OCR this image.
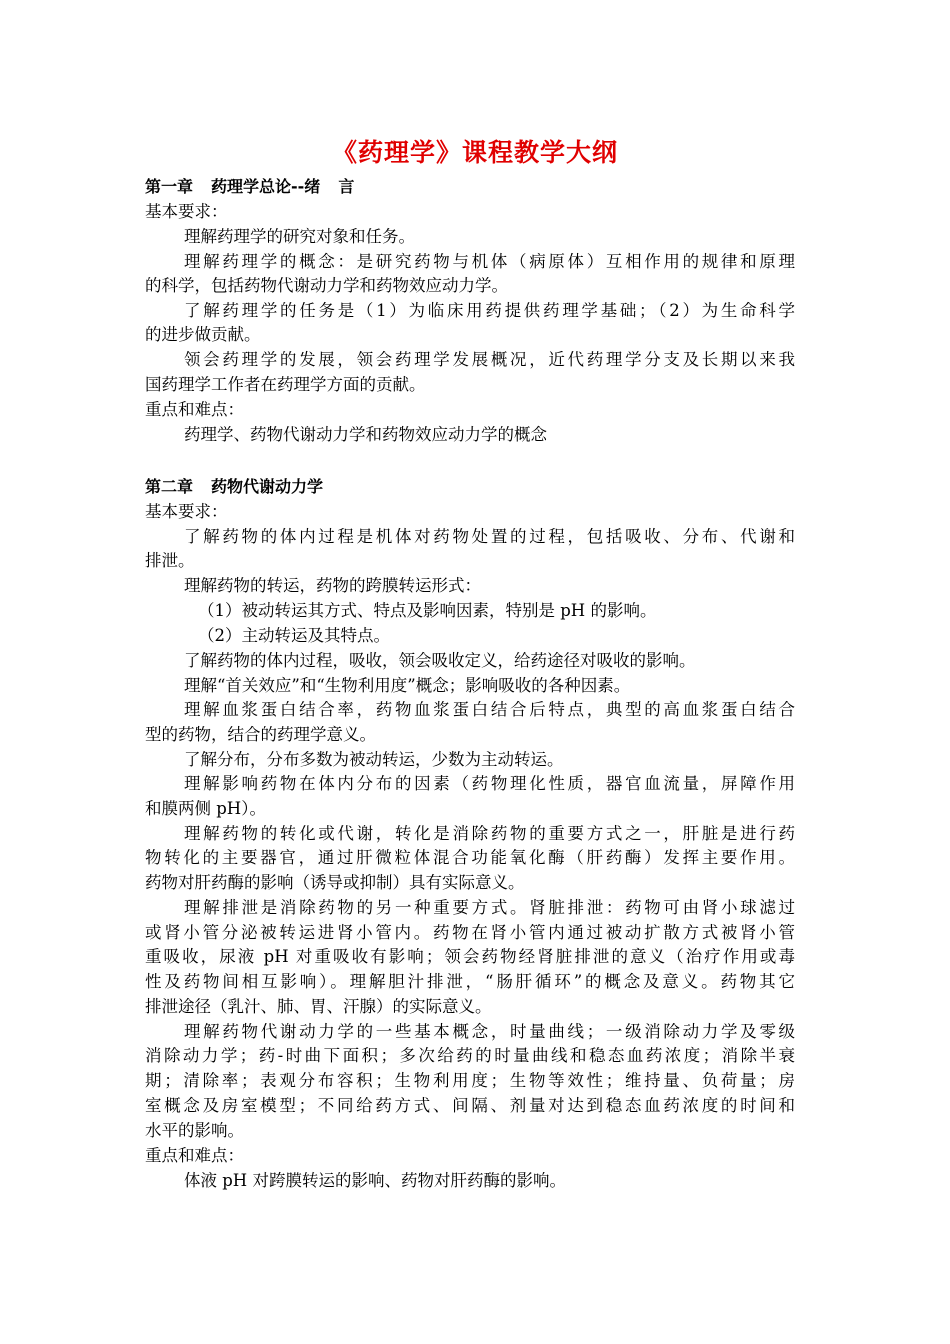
《药理学》课程教学大纲
第一章 药理学总论--绪 言
基本要求：
理解药理学的研究对象和任务。
理解药理学的概念：是研究药物与机体（病原体）互相作用的规律和原理
的科学，包括药物代谢动力学和药物效应动力学。
了解药理学的任务是（1）为临床用药提供药理学基础；（2）为生命科学
的进步做贡献。
领会药理学的发展，领会药理学发展概况，近代药理学分支及长期以来我
国药理学工作者在药理学方面的贡献。
重点和难点：
药理学、药物代谢动力学和药物效应动力学的概念
第二章 药物代谢动力学
基本要求：
了解药物的体内过程是机体对药物处置的过程，包括吸收、分布、代谢和
排泄。
理解药物的转运，药物的跨膜转运形式：
（1）被动转运其方式、特点及影响因素，特别是 pH 的影响。
（2）主动转运及其特点。
了解药物的体内过程，吸收，领会吸收定义，给药途径对吸收的影响。
理解“首关效应”和“生物利用度”概念；影响吸收的各种因素。
理解血浆蛋白结合率，药物血浆蛋白结合后特点，典型的高血浆蛋白结合
型的药物，结合的药理学意义。
了解分布，分布多数为被动转运，少数为主动转运。
理解影响药物在体内分布的因素（药物理化性质，器官血流量，屏障作用
和膜两侧 pH）。
理解药物的转化或代谢，转化是消除药物的重要方式之一，肝脏是进行药
物转化的主要器官，通过肝微粒体混合功能氧化酶（肝药酶）发挥主要作用。
药物对肝药酶的影响（诱导或抑制）具有实际意义。
理解排泄是消除药物的另一种重要方式。肾脏排泄：药物可由肾小球滤过
或肾小管分泌被转运进肾小管内。药物在肾小管内通过被动扩散方式被肾小管
重吸收，尿液 pH 对重吸收有影响；领会药物经肾脏排泄的意义（治疗作用或毒
性及药物间相互影响）。理解胆汁排泄，“肠肝循环”的概念及意义。药物其它
排泄途径（乳汁、肺、胃、汗腺）的实际意义。
理解药物代谢动力学的一些基本概念，时量曲线；一级消除动力学及零级
消除动力学；药-时曲下面积；多次给药的时量曲线和稳态血药浓度；消除半衰
期；清除率；表观分布容积；生物利用度；生物等效性；维持量、负荷量；房
室概念及房室模型；不同给药方式、间隔、剂量对达到稳态血药浓度的时间和
水平的影响。
重点和难点：
体液 pH 对跨膜转运的影响、药物对肝药酶的影响。
